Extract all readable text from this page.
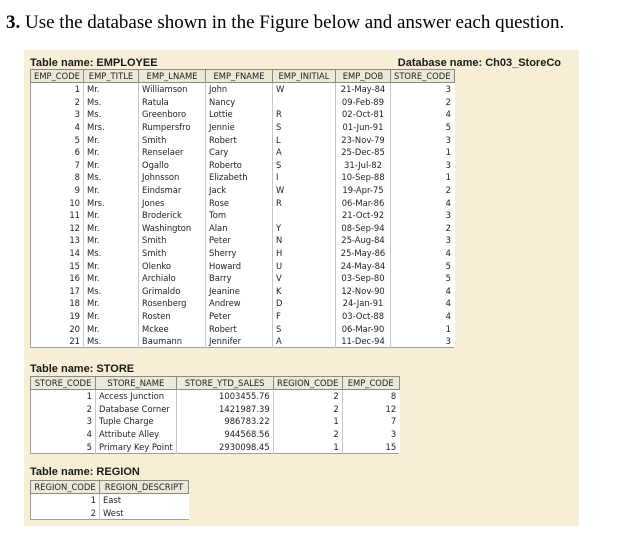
3. Use the database shown in the Figure below and answer each question.
Table name: EMPLOYEE	Database name: Ch03_StoreCo
EMP_CODE	EMP_TITLE	EMP_LNAME	EMP_FNAME	EMP_INITIAL	EMP_DOB	STORE_CODE
1	Mr.	Williamson	John	W	21-May-84	3
2	Ms.	Ratula	Nancy		09-Feb-89	2
3	Ms.	Greenboro	Lottie	R	02-Oct-81	4
4	Mrs.	Rumpersfro	Jennie	S	01-Jun-91	5
5	Mr.	Smith	Robert	L	23-Nov-79	3
6	Mr.	Renselaer	Cary	A	25-Dec-85	1
7	Mr.	Ogallo	Roberto	S	31-Jul-82	3
8	Ms.	Johnsson	Elizabeth	I	10-Sep-88	1
9	Mr.	Eindsmar	Jack	W	19-Apr-75	2
10	Mrs.	Jones	Rose	R	06-Mar-86	4
11	Mr.	Broderick	Tom		21-Oct-92	3
12	Mr.	Washington	Alan	Y	08-Sep-94	2
13	Mr.	Smith	Peter	N	25-Aug-84	3
14	Ms.	Smith	Sherry	H	25-May-86	4
15	Mr.	Olenko	Howard	U	24-May-84	5
16	Mr.	Archialo	Barry	V	03-Sep-80	5
17	Ms.	Grimaldo	Jeanine	K	12-Nov-90	4
18	Mr.	Rosenberg	Andrew	D	24-Jan-91	4
19	Mr.	Rosten	Peter	F	03-Oct-88	4
20	Mr.	Mckee	Robert	S	06-Mar-90	1
21	Ms.	Baumann	Jennifer	A	11-Dec-94	3
Table name: STORE
STORE_CODE	STORE_NAME	STORE_YTD_SALES	REGION_CODE	EMP_CODE
1	Access Junction	1003455.76	2	8
2	Database Corner	1421987.39	2	12
3	Tuple Charge	986783.22	1	7
4	Attribute Alley	944568.56	2	3
5	Primary Key Point	2930098.45	1	15
Table name: REGION
REGION_CODE	REGION_DESCRIPT
1	East
2	West
